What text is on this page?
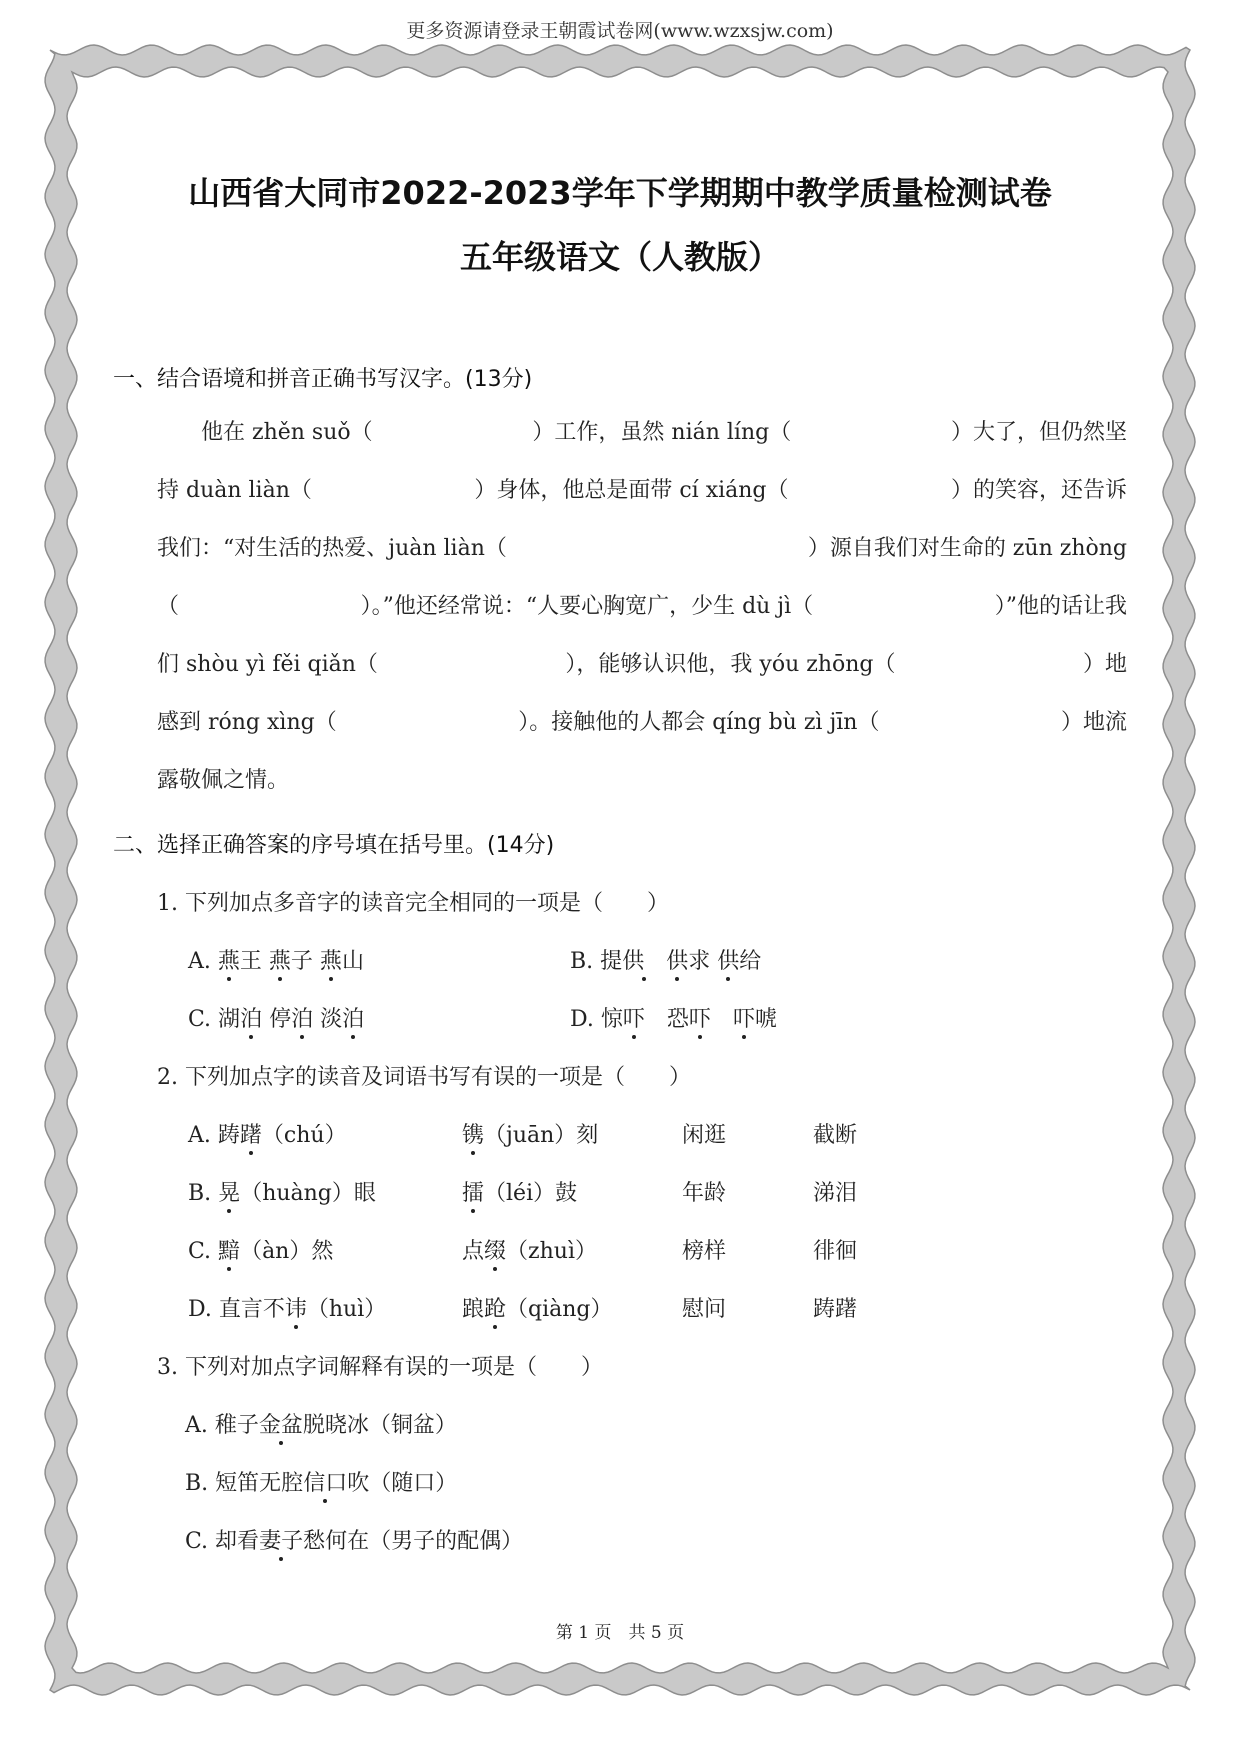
更多资源请登录王朝霞试卷网(www.wzxsjw.com)
山西省大同市2022-2023学年下学期期中教学质量检测试卷
五年级语文（人教版）
一、结合语境和拼音正确书写汉字。(13分)
他在 zhěn suǒ（	）工作，虽然 nián líng（	）大了，但仍然坚
持 duàn liàn（	）身体，他总是面带 cí xiáng（	）的笑容，还告诉
我们：“对生活的热爱、juàn liàn（	）源自我们对生命的 zūn zhòng
（	）。”他还经常说：“人要心胸宽广，少生 dù jì（	）”他的话让我
们 shòu yì fěi qiǎn（	），能够认识他，我 yóu zhōng（	）地
感到 róng xìng（	）。接触他的人都会 qíng bù zì jīn（	）地流
露敬佩之情。
二、选择正确答案的序号填在括号里。(14分)
1. 下列加点多音字的读音完全相同的一项是（　　）
A. 燕王 燕子 燕山	B. 提供　供求 供给
C. 湖泊 停泊 淡泊	D. 惊吓　恐吓　 吓唬
2. 下列加点字的读音及词语书写有误的一项是（　　）
A. 踌躇（chú）	镌（juān）刻	闲逛	截断
B. 晃（huàng）眼	擂（léi）鼓	年龄	涕泪
C. 黯（àn）然	点缀（zhuì）	榜样	徘徊
D. 直言不讳（huì）	踉跄（qiàng）	慰问	踌躇
3. 下列对加点字词解释有误的一项是（　　）
A. 稚子金盆脱晓冰（铜盆）
B. 短笛无腔信口吹（随口）
C. 却看妻子愁何在（男子的配偶）
第 1 页　共 5 页
